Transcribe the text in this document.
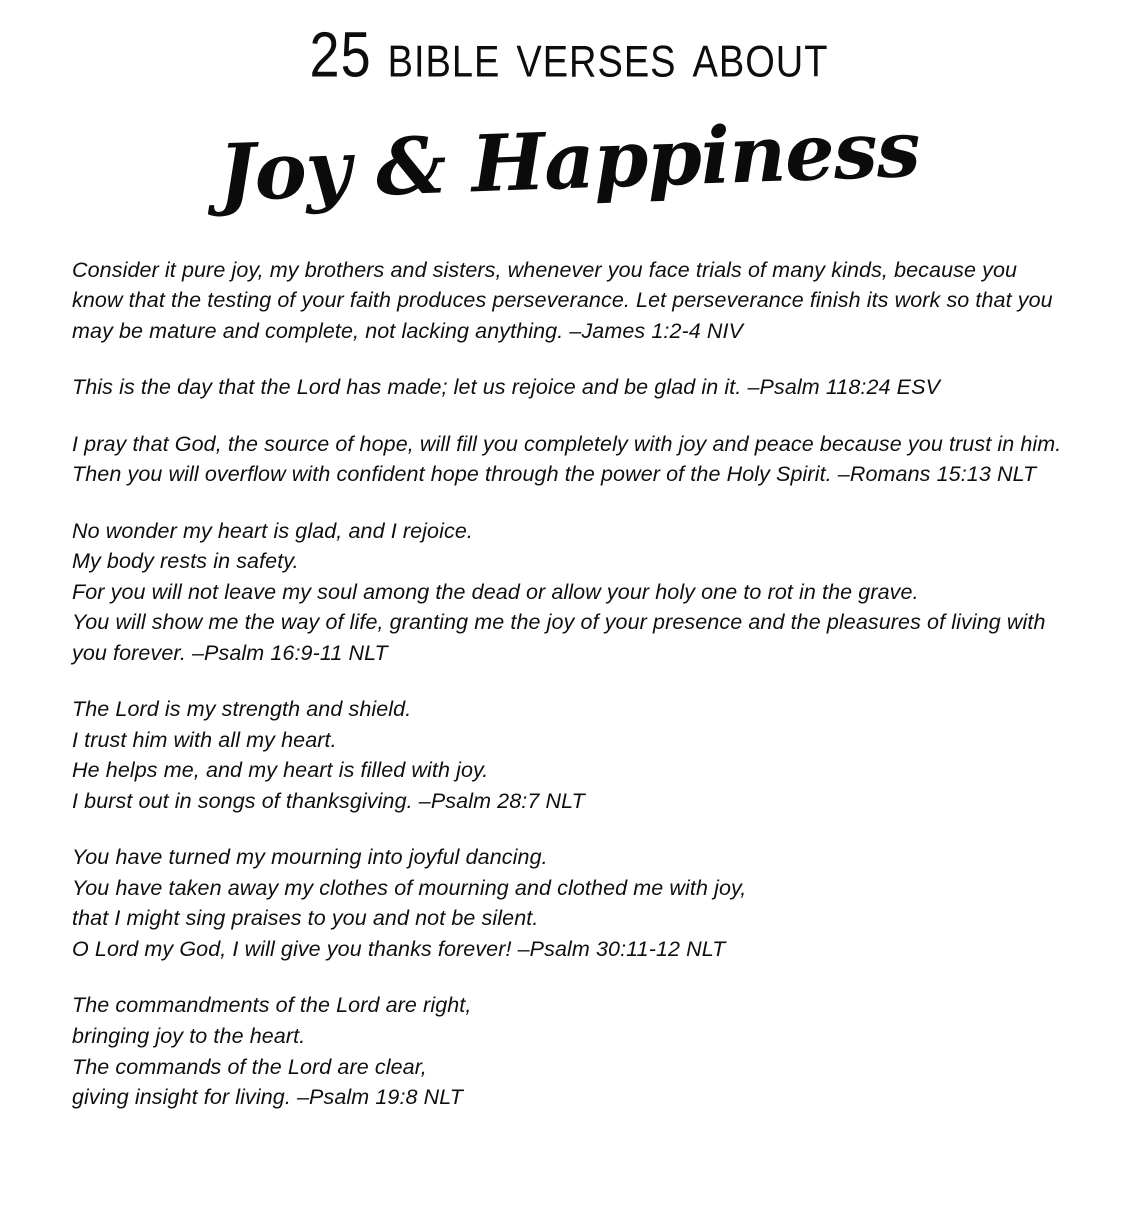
25 bible verses about
Joy & Happiness

Consider it pure joy, my brothers and sisters, whenever you face trials of many kinds, because you know that the testing of your faith produces perseverance. Let perseverance finish its work so that you may be mature and complete, not lacking anything. –James 1:2-4 NIV

This is the day that the Lord has made; let us rejoice and be glad in it. –Psalm 118:24 ESV

I pray that God, the source of hope, will fill you completely with joy and peace because you trust in him. Then you will overflow with confident hope through the power of the Holy Spirit. –Romans 15:13 NLT

No wonder my heart is glad, and I rejoice.
My body rests in safety.
For you will not leave my soul among the dead or allow your holy one to rot in the grave.
You will show me the way of life, granting me the joy of your presence and the pleasures of living with you forever. –Psalm 16:9-11 NLT

The Lord is my strength and shield.
I trust him with all my heart.
He helps me, and my heart is filled with joy.
I burst out in songs of thanksgiving. –Psalm 28:7 NLT

You have turned my mourning into joyful dancing.
You have taken away my clothes of mourning and clothed me with joy,
that I might sing praises to you and not be silent.
O Lord my God, I will give you thanks forever! –Psalm 30:11-12 NLT

The commandments of the Lord are right,
bringing joy to the heart.
The commands of the Lord are clear,
giving insight for living. –Psalm 19:8 NLT
